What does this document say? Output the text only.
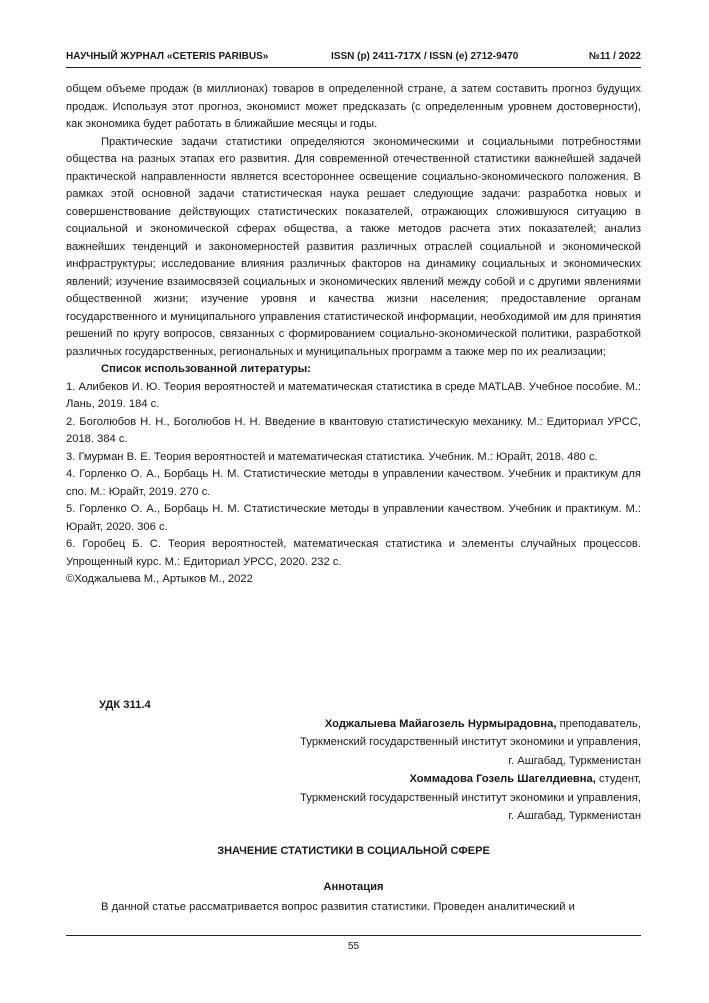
НАУЧНЫЙ ЖУРНАЛ «CETERIS PARIBUS»	ISSN (p) 2411-717X / ISSN (e) 2712-9470	№11 / 2022

общем объеме продаж (в миллионах) товаров в определенной стране, а затем составить прогноз будущих продаж. Используя этот прогноз, экономист может предсказать (с определенным уровнем достоверности), как экономика будет работать в ближайшие месяцы и годы.

Практические задачи статистики определяются экономическими и социальными потребностями общества на разных этапах его развития. Для современной отечественной статистики важнейшей задачей практической направленности является всестороннее освещение социально-экономического положения. В рамках этой основной задачи статистическая наука решает следующие задачи: разработка новых и совершенствование действующих статистических показателей, отражающих сложившуюся ситуацию в социальной и экономической сферах общества, а также методов расчета этих показателей; анализ важнейших тенденций и закономерностей развития различных отраслей социальной и экономической инфраструктуры; исследование влияния различных факторов на динамику социальных и экономических явлений; изучение взаимосвязей социальных и экономических явлений между собой и с другими явлениями общественной жизни; изучение уровня и качества жизни населения; предоставление органам государственного и муниципального управления статистической информации, необходимой им для принятия решений по кругу вопросов, связанных с формированием социально-экономической политики, разработкой различных государственных, региональных и муниципальных программ а также мер по их реализации;

Список использованной литературы:

1. Алибеков И. Ю. Теория вероятностей и математическая статистика в среде MATLAB. Учебное пособие. М.: Лань, 2019. 184 с.

2. Боголюбов Н. Н., Боголюбов Н. Н. Введение в квантовую статистическую механику. М.: Едиториал УРСС, 2018. 384 с.

3. Гмурман В. Е. Теория вероятностей и математическая статистика. Учебник. М.: Юрайт, 2018. 480 с.

4. Горленко О. А., Борбаць Н. М. Статистические методы в управлении качеством. Учебник и практикум для спо. М.: Юрайт, 2019. 270 с.

5. Горленко О. А., Борбаць Н. М. Статистические методы в управлении качеством. Учебник и практикум. М.: Юрайт, 2020. 306 с.

6. Горобец Б. С. Теория вероятностей, математическая статистика и элементы случайных процессов. Упрощенный курс. М.: Едиториал УРСС, 2020. 232 с.

©Ходжалыева М., Артыков М., 2022

УДК 311.4

Ходжалыева Майагозель Нурмырадовна, преподаватель,

Туркменский государственный институт экономики и управления,

г. Ашгабад, Туркменистан

Хоммадова Гозель Шагелдиевна, студент,

Туркменский государственный институт экономики и управления,

г. Ашгабад, Туркменистан

ЗНАЧЕНИЕ СТАТИСТИКИ В СОЦИАЛЬНОЙ СФЕРЕ
Аннотация

В данной статье рассматривается вопрос развития статистики. Проведен аналитический и

55
